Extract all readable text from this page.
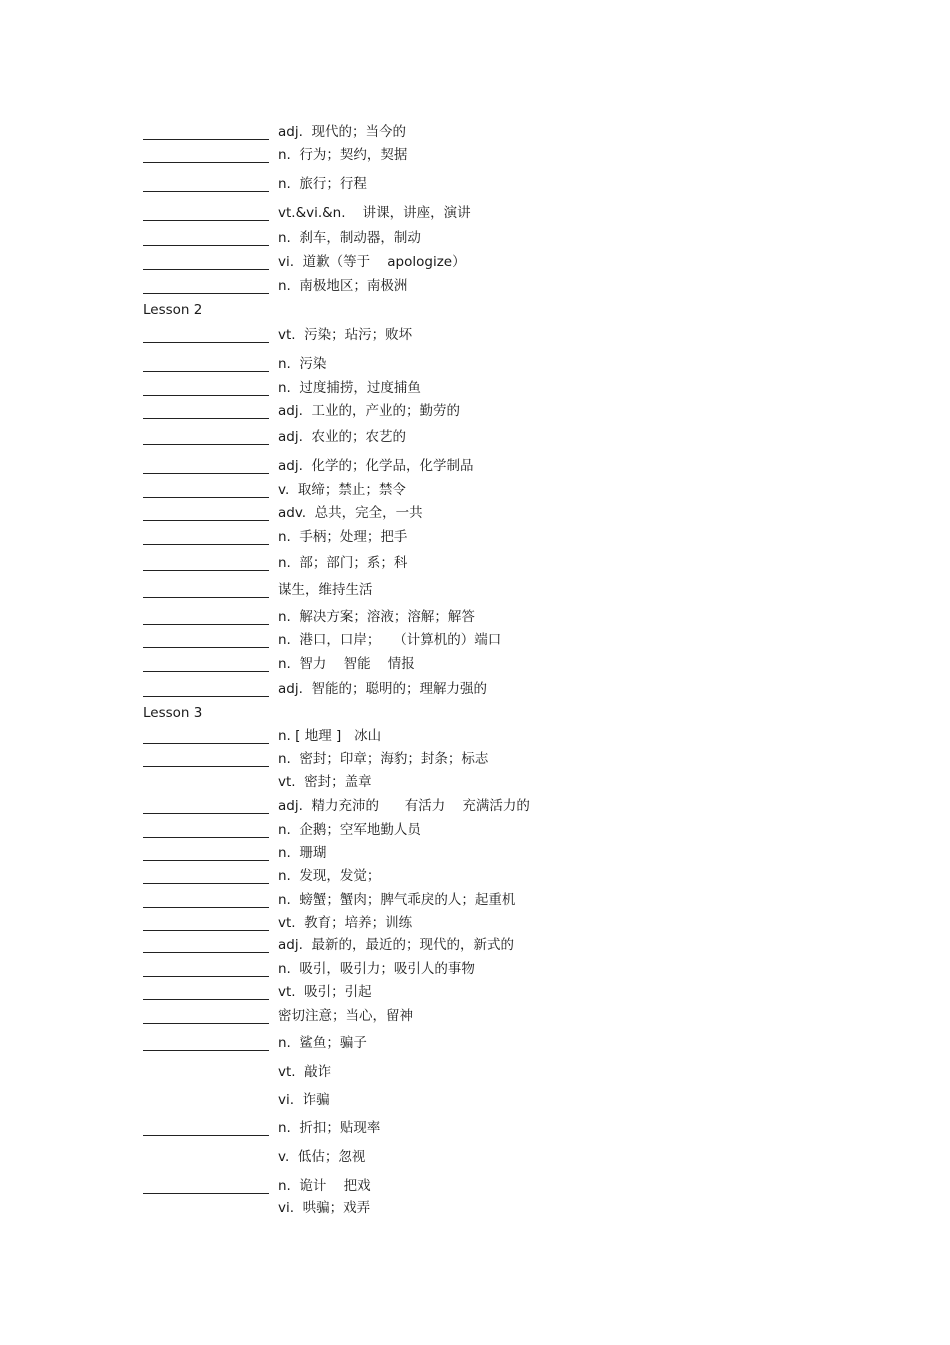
adj.  现代的；当今的
n.  行为；契约，契据
n.  旅行；行程
vt.&vi.&n.    讲课，讲座，演讲
n.  刹车，制动器，制动
vi.  道歉（等于    apologize）
n.  南极地区；南极洲
Lesson 2
vt.  污染；玷污；败坏
n.  污染
n.  过度捕捞，过度捕鱼
adj.  工业的，产业的；勤劳的
adj.  农业的；农艺的
adj.  化学的；化学品，化学制品
v.  取缔；禁止；禁令
adv.  总共，完全，一共
n.  手柄；处理；把手
n.  部；部门；系；科
谋生，维持生活
n.  解决方案；溶液；溶解；解答
n.  港口，口岸；   （计算机的）端口
n.  智力    智能    情报
adj.  智能的；聪明的；理解力强的
Lesson 3
n. [ 地理 ]   冰山
n.  密封；印章；海豹；封条；标志
vt.  密封；盖章
adj.  精力充沛的      有活力    充满活力的
n.  企鹅；空军地勤人员
n.  珊瑚
n.  发现，发觉；
n.  螃蟹；蟹肉；脾气乖戾的人；起重机
vt.  教育；培养；训练
adj.  最新的，最近的；现代的，新式的
n.  吸引，吸引力；吸引人的事物
vt.  吸引；引起
密切注意；当心，留神
n.  鲨鱼；骗子
vt.  敲诈
vi.  诈骗
n.  折扣；贴现率
v.  低估；忽视
n.  诡计    把戏
vi.  哄骗；戏弄
